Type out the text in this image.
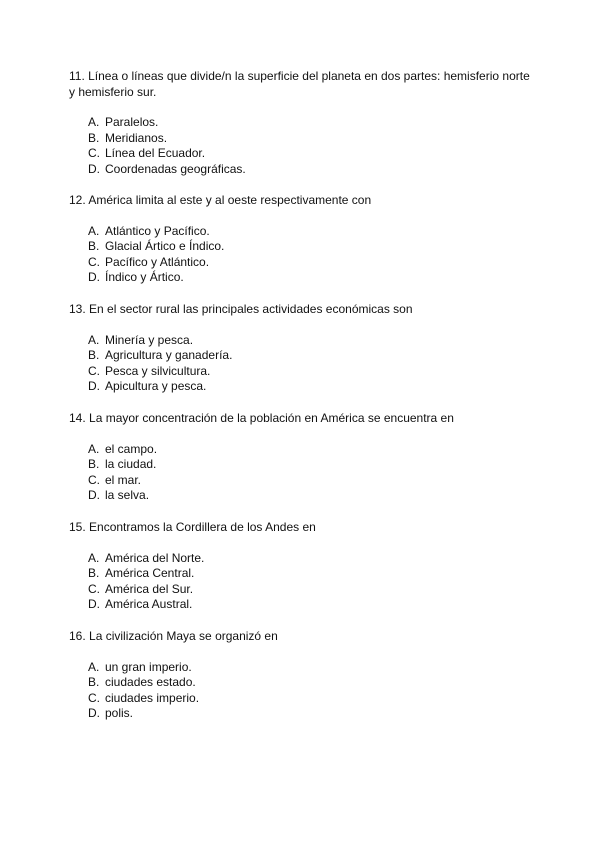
11. Línea o líneas que divide/n la superficie del planeta en dos partes: hemisferio norte y hemisferio sur.

A. Paralelos.
B. Meridianos.
C. Línea del Ecuador.
D. Coordenadas geográficas.

12. América limita al este y al oeste respectivamente con

A. Atlántico y Pacífico.
B. Glacial Ártico e Índico.
C. Pacífico y Atlántico.
D. Índico y Ártico.

13. En el sector rural las principales actividades económicas son

A. Minería y pesca.
B. Agricultura y ganadería.
C. Pesca y silvicultura.
D. Apicultura y pesca.

14. La mayor concentración de la población en América se encuentra en

A. el campo.
B. la ciudad.
C. el mar.
D. la selva.

15. Encontramos la Cordillera de los Andes en

A. América del Norte.
B. América Central.
C. América del Sur.
D. América Austral.

16. La civilización Maya se organizó en

A. un gran imperio.
B. ciudades estado.
C. ciudades imperio.
D. polis.
